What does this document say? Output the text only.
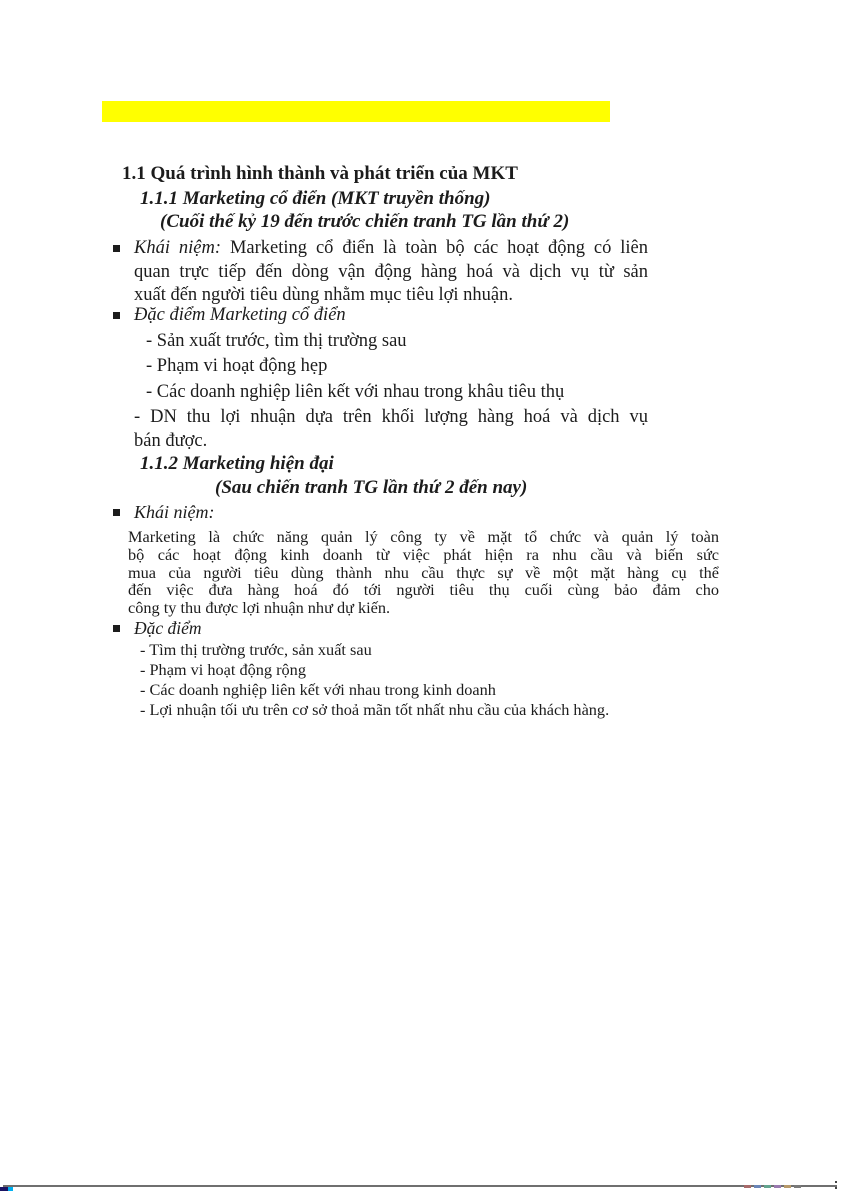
1.1 Quá trình hình thành và phát triển của MKT
1.1.1 Marketing cổ điển (MKT truyền thống)
(Cuối thế kỷ 19 đến trước chiến tranh TG lần thứ 2)
Khái niệm: Marketing cổ điển là toàn bộ các hoạt động có liên
quan trực tiếp đến dòng vận động hàng hoá và dịch vụ từ sản
xuất đến người tiêu dùng nhằm mục tiêu lợi nhuận.
Đặc điểm Marketing cổ điển
- Sản xuất trước, tìm thị trường sau
- Phạm vi hoạt động hẹp
- Các doanh nghiệp liên kết với nhau trong khâu tiêu thụ
- DN thu lợi nhuận dựa trên khối lượng hàng hoá và dịch vụ
bán được.
1.1.2 Marketing hiện đại
(Sau chiến tranh TG lần thứ 2 đến nay)
Khái niệm:
Marketing là chức năng quản lý công ty về mặt tổ chức và quản lý toàn
bộ các hoạt động kinh doanh từ việc phát hiện ra nhu cầu và biến sức
mua của người tiêu dùng thành nhu cầu thực sự về một mặt hàng cụ thể
đến việc đưa hàng hoá đó tới người tiêu thụ cuối cùng bảo đảm cho
công ty thu được lợi nhuận như dự kiến.
Đặc điểm
- Tìm thị trường trước, sản xuất sau
- Phạm vi hoạt động rộng
- Các doanh nghiệp liên kết với nhau trong kinh doanh
- Lợi nhuận tối ưu trên cơ sở thoả mãn tốt nhất nhu cầu của khách hàng.
